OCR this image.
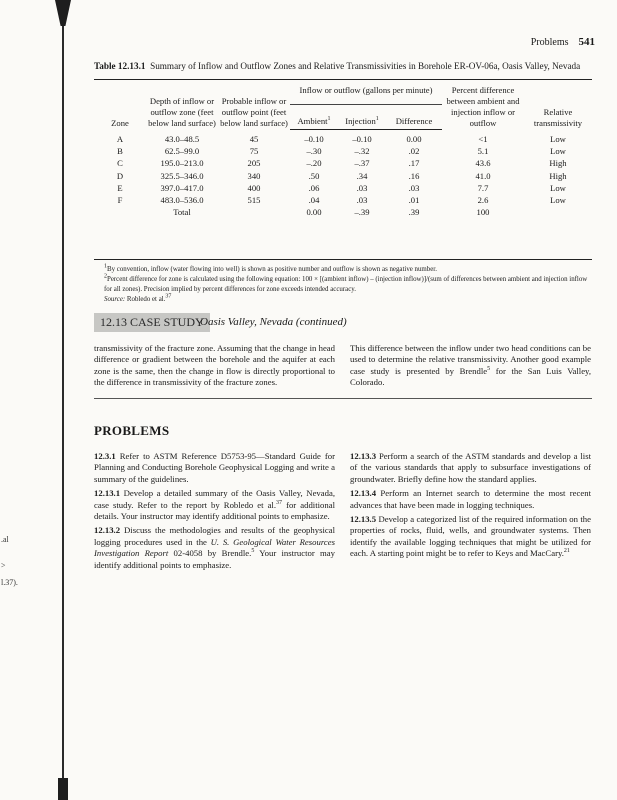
.al
>
l.37).
Problems 541
Table 12.13.1 Summary of Inflow and Outflow Zones and Relative Transmissivities in Borehole ER-OV-06a, Oasis Valley, Nevada
Zone	Depth of inflow or outflow zone (feet below land surface)	Probable inflow or outflow point (feet below land surface)	Inflow or outflow (gallons per minute)			Percent difference between ambient and injection inflow or outflow	Relative transmissivity
			Ambient$^1$	Injection$^1$	Difference		
A	43.0–48.5	45	–0.10	–0.10	0.00	<1	Low
B	62.5–99.0	75	–.30	–.32	.02	5.1	Low
C	195.0–213.0	205	–.20	–.37	.17	43.6	High
D	325.5–346.0	340	.50	.34	.16	41.0	High
E	397.0–417.0	400	.06	.03	.03	7.7	Low
F	483.0–536.0	515	.04	.03	.01	2.6	Low
	Total		0.00	–.39	.39	100	

$^1$By convention, inflow (water flowing into well) is shown as positive number and outflow is shown as negative number.

$^2$Percent difference for zone is calculated using the following equation: 100 × [(ambient inflow) – (injection inflow)]/(sum of differences between ambient and injection inflow for all zones). Precision implied by percent differences for zone exceeds intended accuracy.

Source: Robledo et al.$^{37}$

12.13 CASE STUDY
Oasis Valley, Nevada (continued)

transmissivity of the fracture zone. Assuming that the change in head difference or gradient between the borehole and the aquifer at each zone is the same, then the change in flow is directly proportional to the difference in transmissivity of the fracture zones.

This difference between the inflow under two head conditions can be used to determine the relative transmissivity. Another good example case study is presented by Brendle$^5$ for the San Luis Valley, Colorado.

PROBLEMS

12.3.1 Refer to ASTM Reference D5753-95—Standard Guide for Planning and Conducting Borehole Geophysical Logging and write a summary of the guidelines.

12.13.1 Develop a detailed summary of the Oasis Valley, Nevada, case study. Refer to the report by Robledo et al.$^{37}$ for additional details. Your instructor may identify additional points to emphasize.

12.13.2 Discuss the methodologies and results of the geophysical logging procedures used in the U. S. Geological Water Resources Investigation Report 02-4058 by Brendle.$^5$ Your instructor may identify additional points to emphasize.

12.13.3 Perform a search of the ASTM standards and develop a list of the various standards that apply to subsurface investigations of groundwater. Briefly define how the standard applies.

12.13.4 Perform an Internet search to determine the most recent advances that have been made in logging techniques.

12.13.5 Develop a categorized list of the required information on the properties of rocks, fluid, wells, and groundwater systems. Then identify the available logging techniques that might be utilized for each. A starting point might be to refer to Keys and MacCary.$^{21}$
